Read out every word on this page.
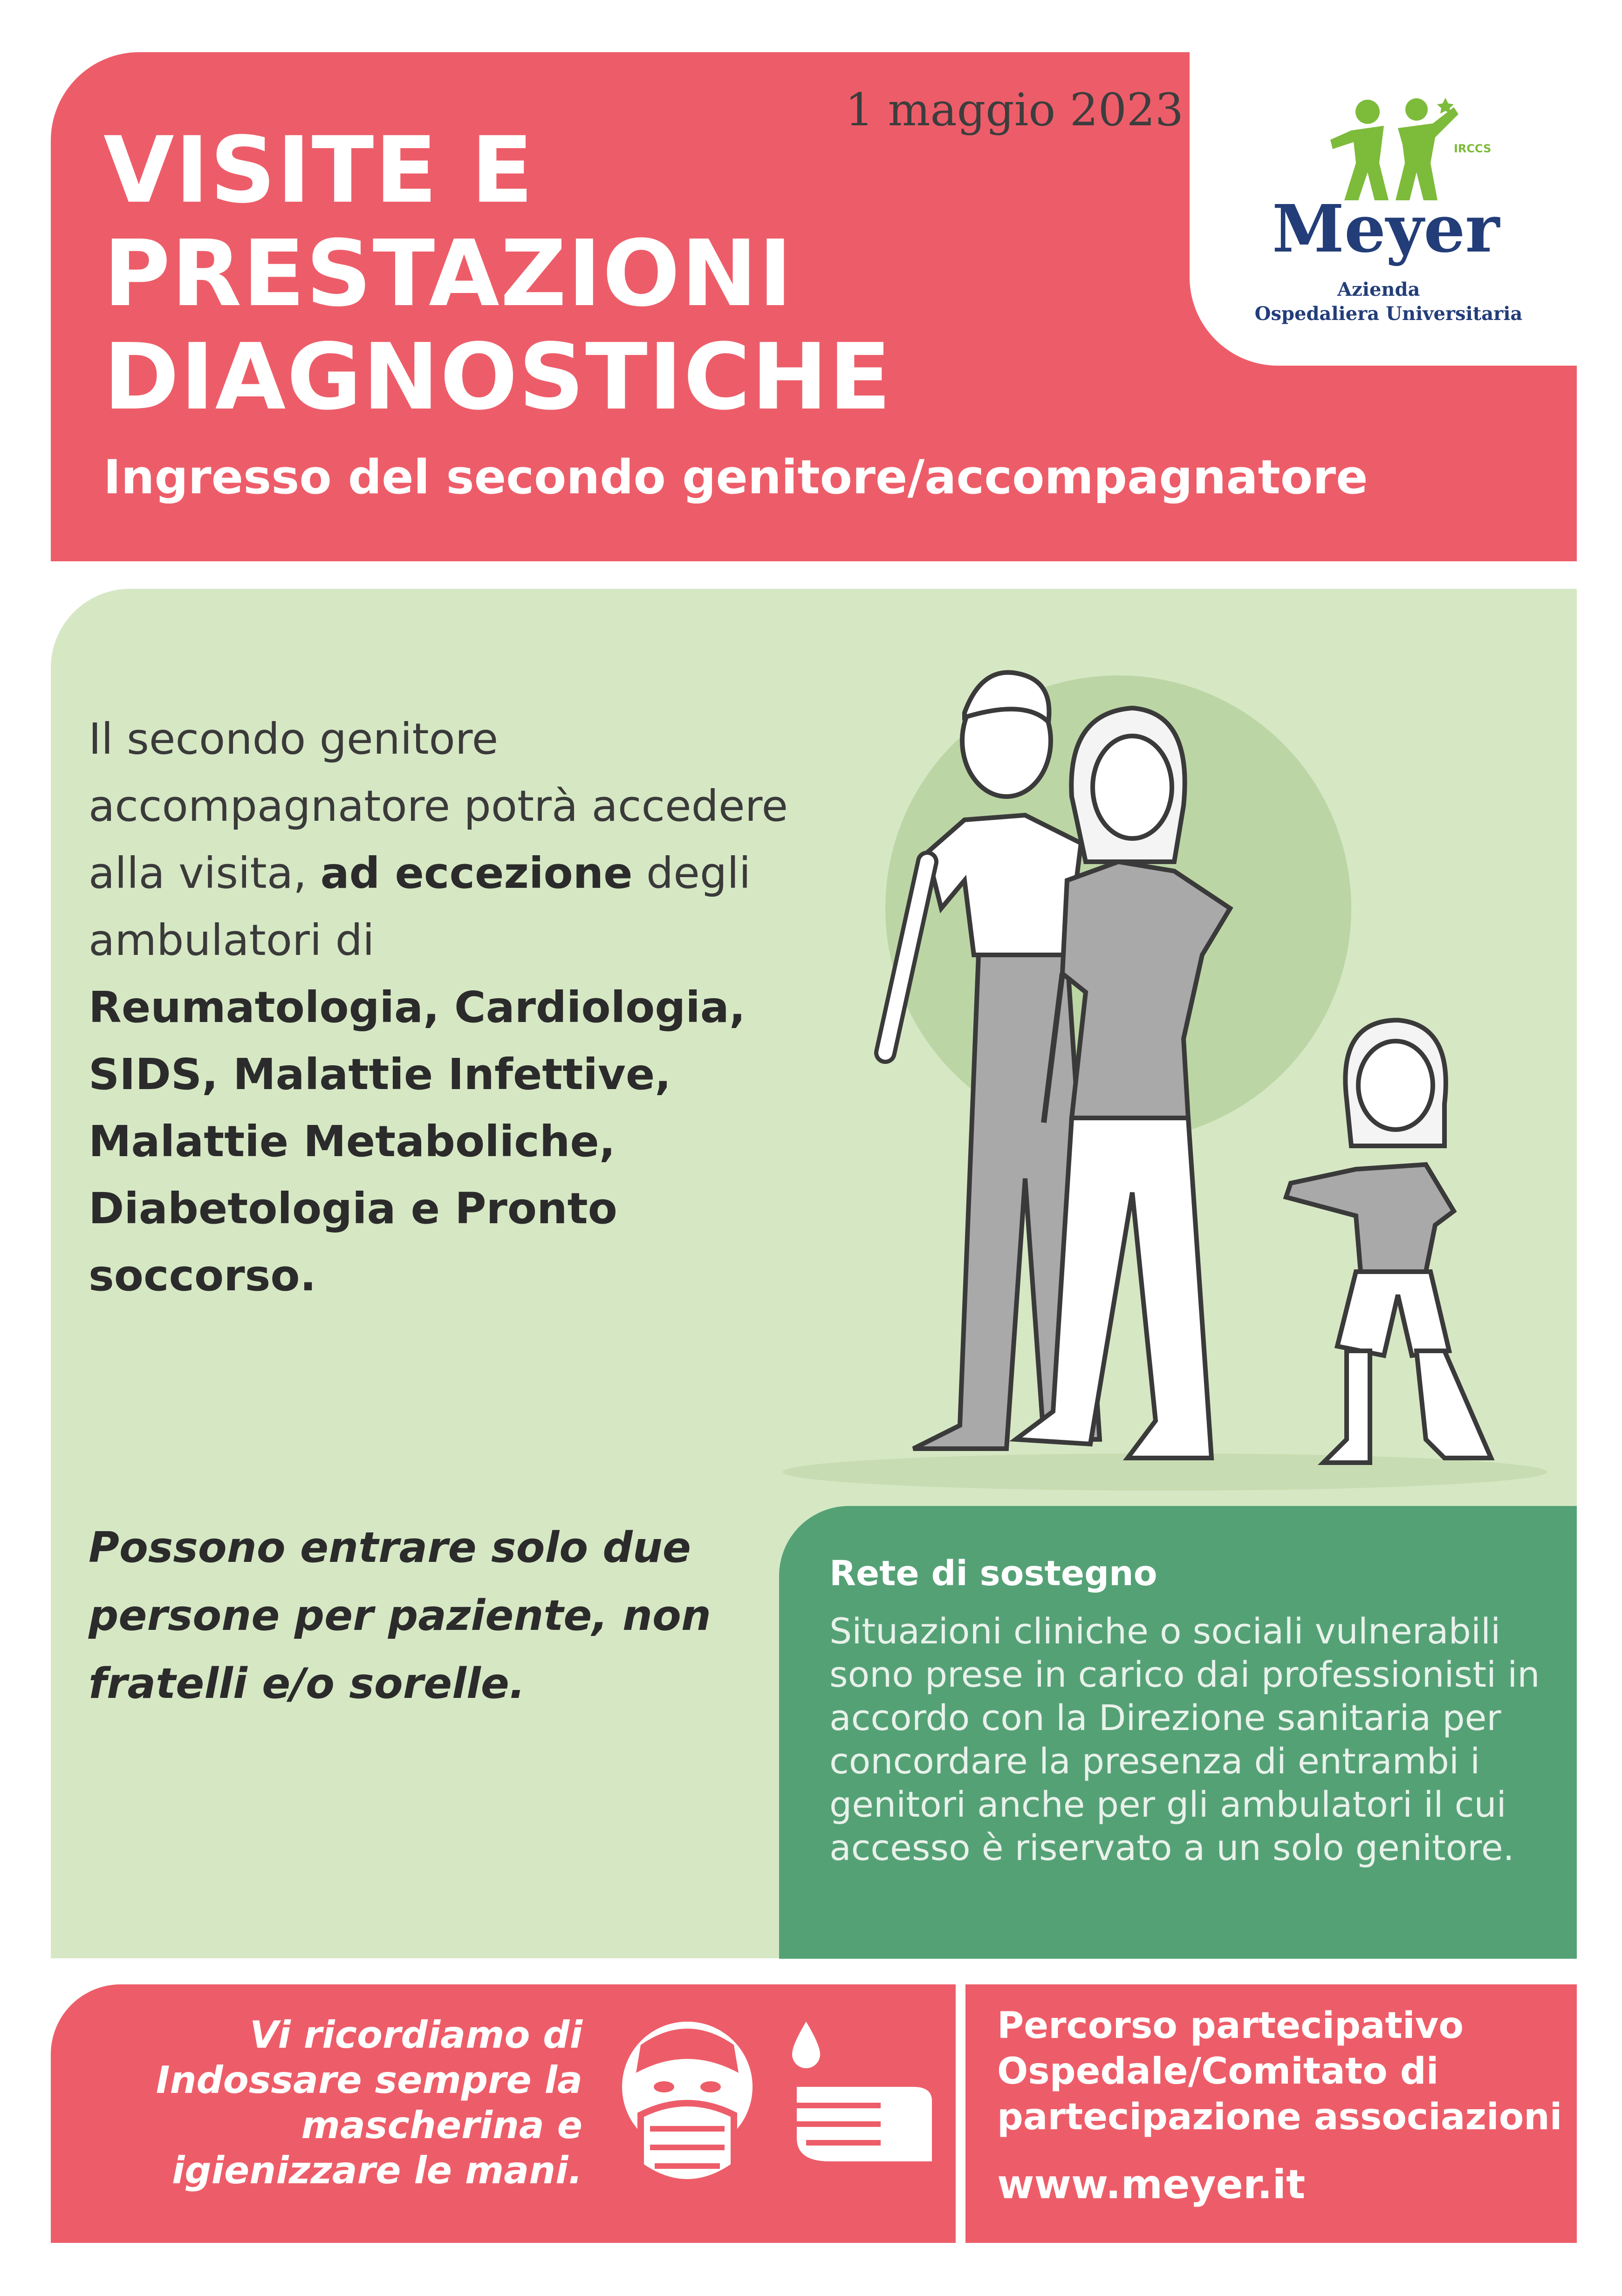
1 maggio 2023
VISITE E
PRESTAZIONI
DIAGNOSTICHE
Ingresso del secondo genitore/accompagnatore
IRCCS
Meyer
Azienda
Ospedaliera Universitaria

Il secondo genitore accompagnatore potrà accedere alla visita, ad eccezione degli ambulatori di

Reumatologia, Cardiologia, SIDS, Malattie Infettive, Malattie Metaboliche, Diabetologia e Pronto soccorso.

Possono entrare solo due persone per paziente, non fratelli e/o sorelle.
Rete di sostegno
Situazioni cliniche o sociali vulnerabili sono prese in carico dai professionisti in accordo con la Direzione sanitaria per concordare la presenza di entrambi i genitori anche per gli ambulatori il cui accesso è riservato a un solo genitore.
Vi ricordiamo di Indossare sempre la mascherina e igienizzare le mani.
Percorso partecipativo Ospedale/Comitato di partecipazione associazioni
www.meyer.it
